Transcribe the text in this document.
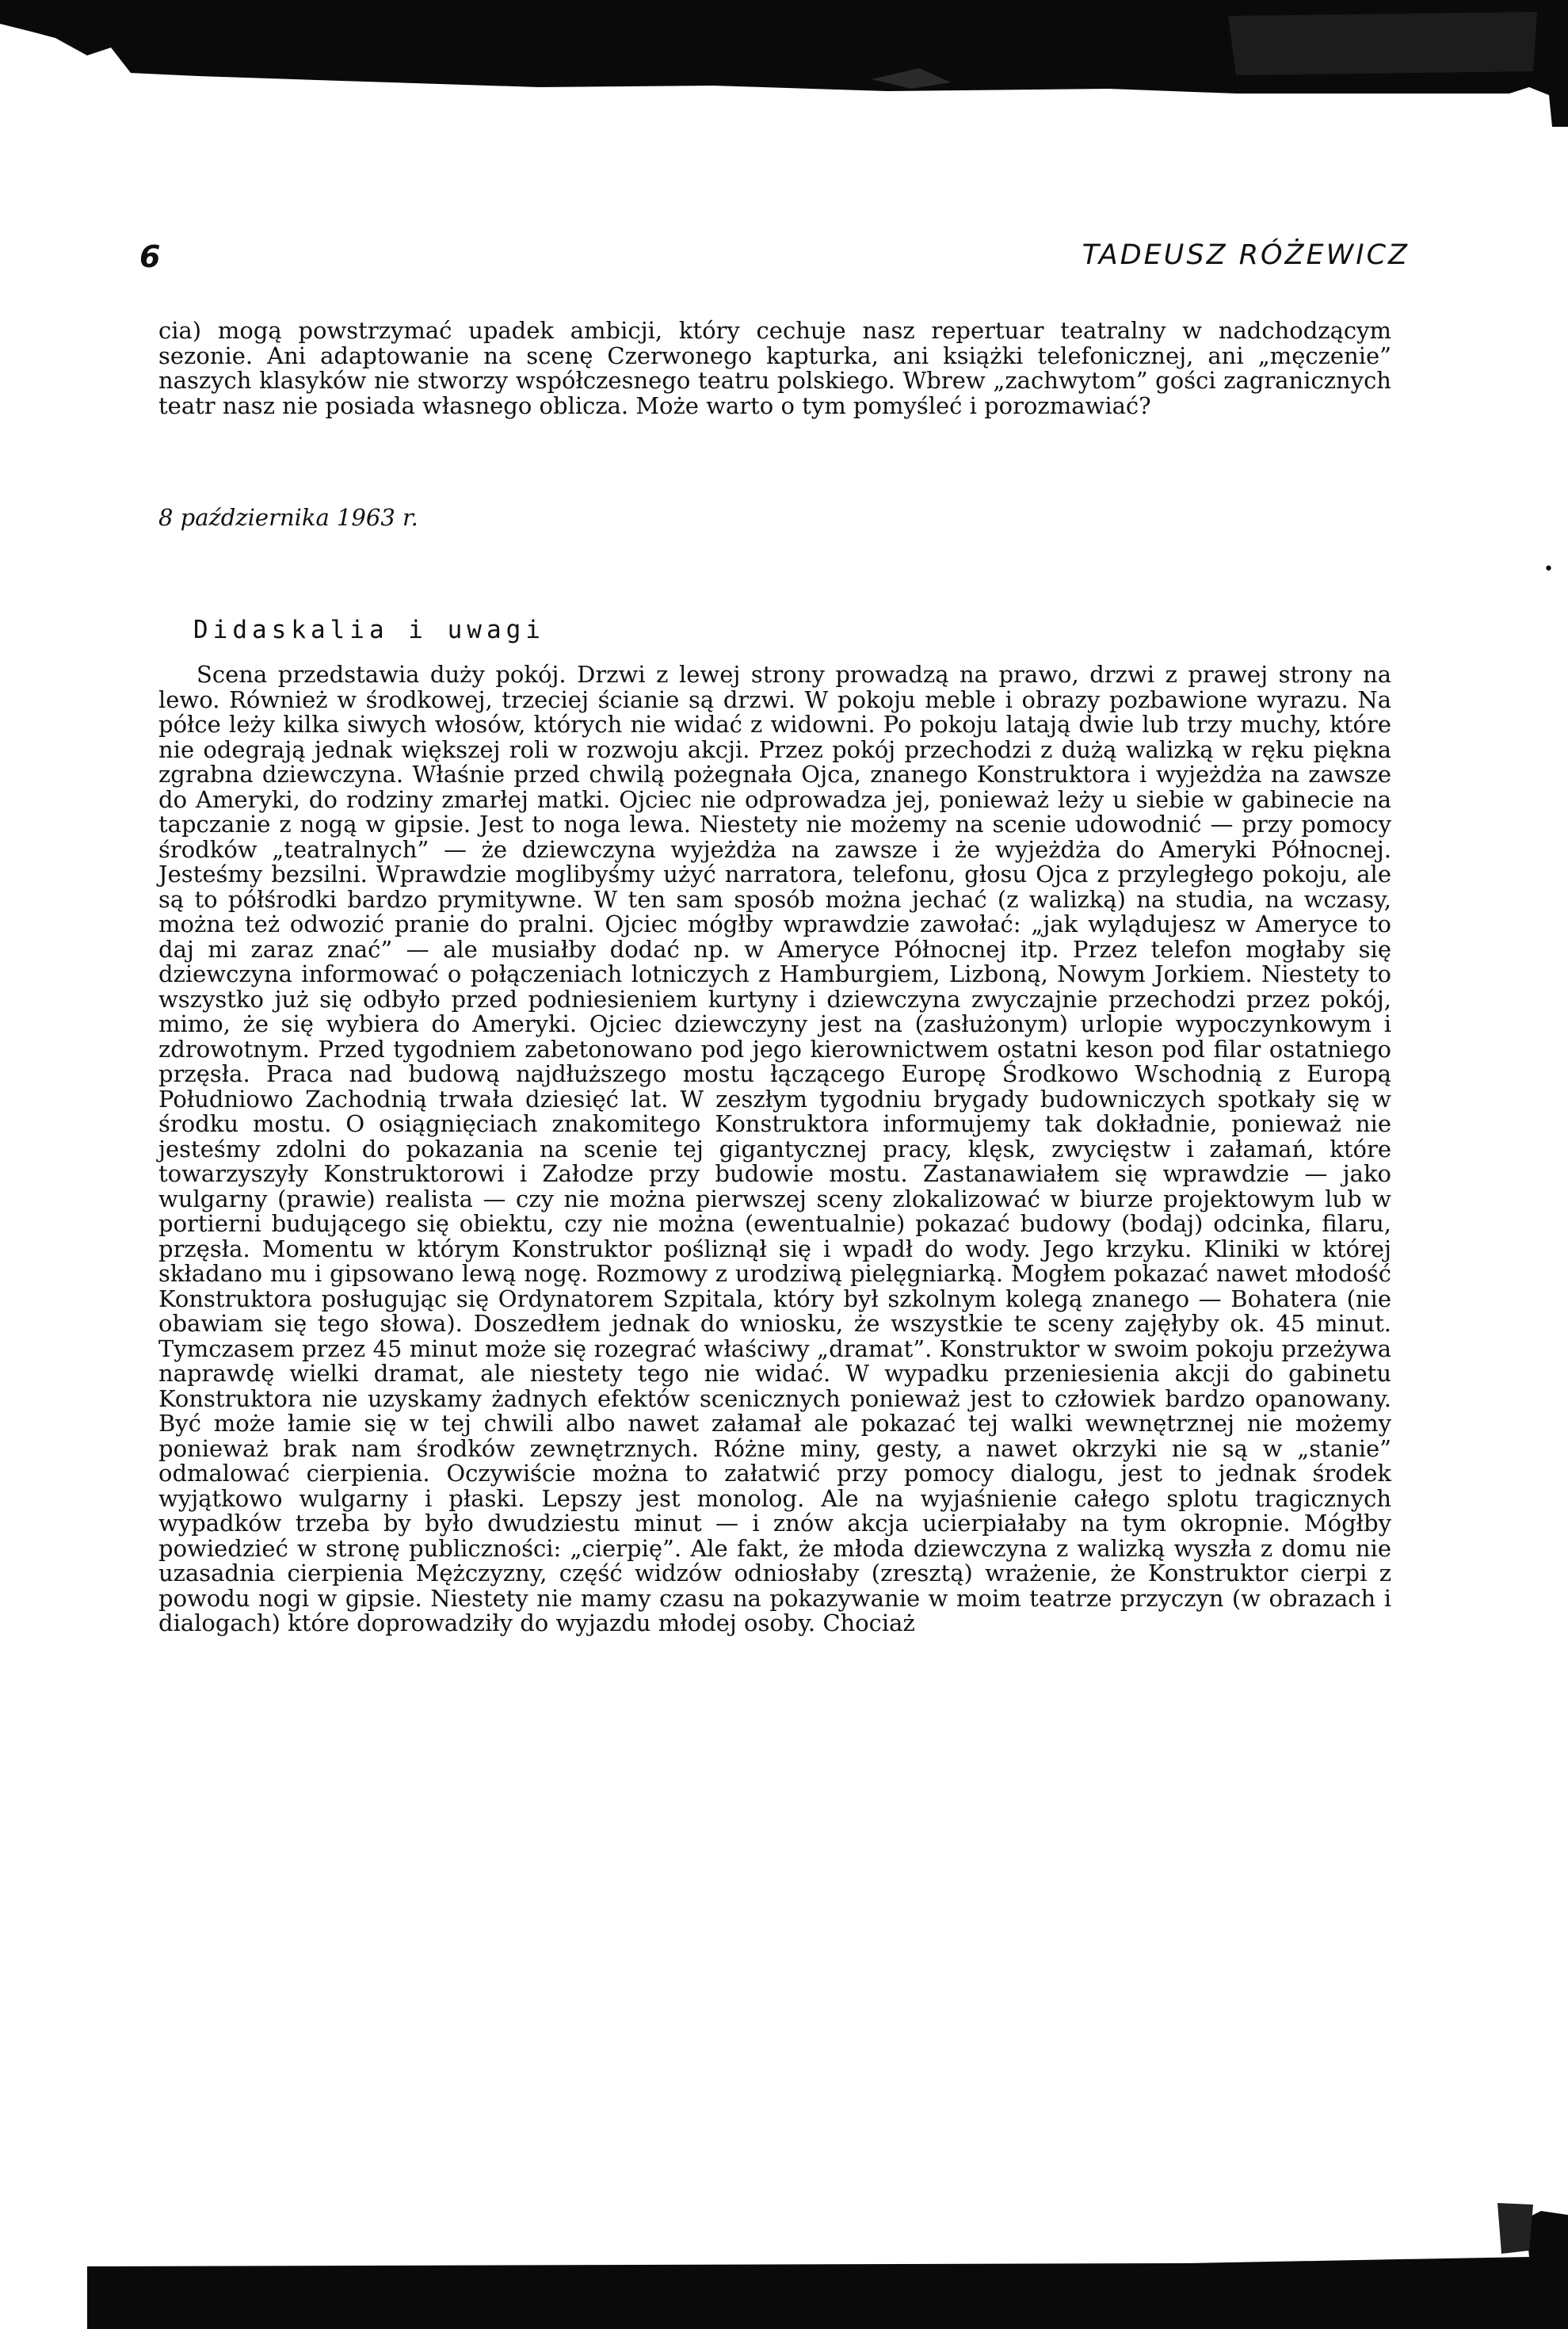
6	TADEUSZ RÓŻEWICZ

cia) mogą powstrzymać upadek ambicji, który cechuje nasz repertuar teatralny w nadchodzącym sezonie. Ani adaptowanie na scenę Czerwonego kapturka, ani książki telefonicznej, ani „męczenie” naszych klasyków nie stworzy współczesnego teatru polskiego. Wbrew „zachwytom” gości zagranicznych teatr nasz nie posiada własnego oblicza. Może warto o tym pomyśleć i porozmawiać?

8 października 1963 r.
Didaskalia i uwagi
•

Scena przedstawia duży pokój. Drzwi z lewej strony prowadzą na prawo, drzwi z prawej strony na lewo. Również w środkowej, trzeciej ścianie są drzwi. W pokoju meble i obrazy pozbawione wyrazu. Na półce leży kilka siwych włosów, których nie widać z widowni. Po pokoju latają dwie lub trzy muchy, które nie odegrają jednak większej roli w rozwoju akcji. Przez pokój przechodzi z dużą walizką w ręku piękna zgrabna dziewczyna. Właśnie przed chwilą pożegnała Ojca, znanego Konstruktora i wyjeżdża na zawsze do Ameryki, do rodziny zmarłej matki. Ojciec nie odprowadza jej, ponieważ leży u siebie w gabinecie na tapczanie z nogą w gipsie. Jest to noga lewa. Niestety nie możemy na scenie udowodnić — przy pomocy środków „teatralnych” — że dziewczyna wyjeżdża na zawsze i że wyjeżdża do Ameryki Północnej. Jesteśmy bezsilni. Wprawdzie moglibyśmy użyć narratora, telefonu, głosu Ojca z przyległego pokoju, ale są to półśrodki bardzo prymitywne. W ten sam sposób można jechać (z walizką) na studia, na wczasy, można też odwozić pranie do pralni. Ojciec mógłby wprawdzie zawołać: „jak wylądujesz w Ameryce to daj mi zaraz znać” — ale musiałby dodać np. w Ameryce Północnej itp. Przez telefon mogłaby się dziewczyna informować o połączeniach lotniczych z Hamburgiem, Lizboną, Nowym Jorkiem. Niestety to wszystko już się odbyło przed podniesieniem kurtyny i dziewczyna zwyczajnie przechodzi przez pokój, mimo, że się wybiera do Ameryki. Ojciec dziewczyny jest na (zasłużonym) urlopie wypoczynkowym i zdrowotnym. Przed tygodniem zabetonowano pod jego kierownictwem ostatni keson pod filar ostatniego przęsła. Praca nad budową najdłuższego mostu łączącego Europę Środkowo Wschodnią z Europą Południowo Zachodnią trwała dziesięć lat. W zeszłym tygodniu brygady budowniczych spotkały się w środku mostu. O osiągnięciach znakomitego Konstruktora informujemy tak dokładnie, ponieważ nie jesteśmy zdolni do pokazania na scenie tej gigantycznej pracy, klęsk, zwycięstw i załamań, które towarzyszyły Konstruktorowi i Załodze przy budowie mostu. Zastanawiałem się wprawdzie — jako wulgarny (prawie) realista — czy nie można pierwszej sceny zlokalizować w biurze projektowym lub w portierni budującego się obiektu, czy nie można (ewentualnie) pokazać budowy (bodaj) odcinka, filaru, przęsła. Momentu w którym Konstruktor pośliznął się i wpadł do wody. Jego krzyku. Kliniki w której składano mu i gipsowano lewą nogę. Rozmowy z urodziwą pielęgniarką. Mogłem pokazać nawet młodość Konstruktora posługując się Ordynatorem Szpitala, który był szkolnym kolegą znanego — Bohatera (nie obawiam się tego słowa). Doszedłem jednak do wniosku, że wszystkie te sceny zajęłyby ok. 45 minut. Tymczasem przez 45 minut może się rozegrać właściwy „dramat”. Konstruktor w swoim pokoju przeżywa naprawdę wielki dramat, ale niestety tego nie widać. W wypadku przeniesienia akcji do gabinetu Konstruktora nie uzyskamy żadnych efektów scenicznych ponieważ jest to człowiek bardzo opanowany. Być może łamie się w tej chwili albo nawet załamał ale pokazać tej walki wewnętrznej nie możemy ponieważ brak nam środków zewnętrznych. Różne miny, gesty, a nawet okrzyki nie są w „stanie” odmalować cierpienia. Oczywiście można to załatwić przy pomocy dialogu, jest to jednak środek wyjątkowo wulgarny i płaski. Lepszy jest monolog. Ale na wyjaśnienie całego splotu tragicznych wypadków trzeba by było dwudziestu minut — i znów akcja ucierpiałaby na tym okropnie. Mógłby powiedzieć w stronę publiczności: „cierpię”. Ale fakt, że młoda dziewczyna z walizką wyszła z domu nie uzasadnia cierpienia Mężczyzny, część widzów odniosłaby (zresztą) wrażenie, że Konstruktor cierpi z powodu nogi w gipsie. Niestety nie mamy czasu na pokazywanie w moim teatrze przyczyn (w obrazach i dialogach) które doprowadziły do wyjazdu młodej osoby. Chociaż
